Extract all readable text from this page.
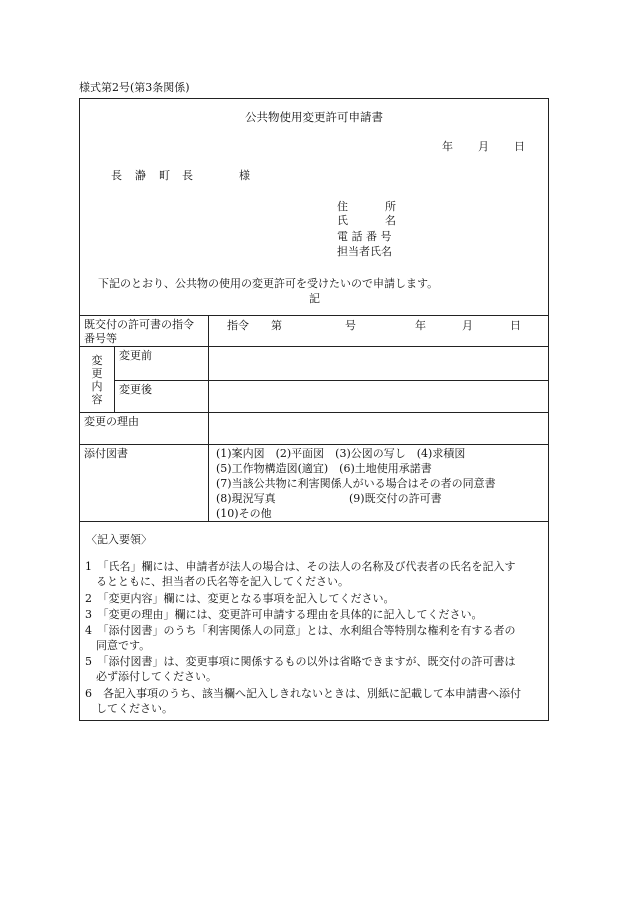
様式第2号(第3条関係)
公共物使用変更許可申請書
年 月 日
長 瀞 町 長	様
住	所
氏	名
電 話 番 号
担当者氏名
下記のとおり、公共物の使用の変更許可を受けたいので申請します。
記
既交付の許可書の指令
番号等
指令 第	号	年	月	日
変
更
内
容
変更前
変更後
変更の理由
添付図書	(1)案内図　(2)平面図　(3)公図の写し　(4)求積図
(5)工作物構造図(適宜)　(6)土地使用承諾書
(7)当該公共物に利害関係人がいる場合はその者の同意書
(8)現況写真	(9)既交付の許可書
(10)その他
〈記入要領〉
1　「氏名」欄には、申請者が法人の場合は、その法人の名称及び代表者の氏名を記入す
　るとともに、担当者の氏名等を記入してください。
2　「変更内容」欄には、変更となる事項を記入してください。
3　「変更の理由」欄には、変更許可申請する理由を具体的に記入してください。
4　「添付図書」のうち「利害関係人の同意」とは、水利組合等特別な権利を有する者の
　同意です。
5　「添付図書」は、変更事項に関係するもの以外は省略できますが、既交付の許可書は
　必ず添付してください。
6　各記入事項のうち、該当欄へ記入しきれないときは、別紙に記載して本申請書へ添付
　してください。
